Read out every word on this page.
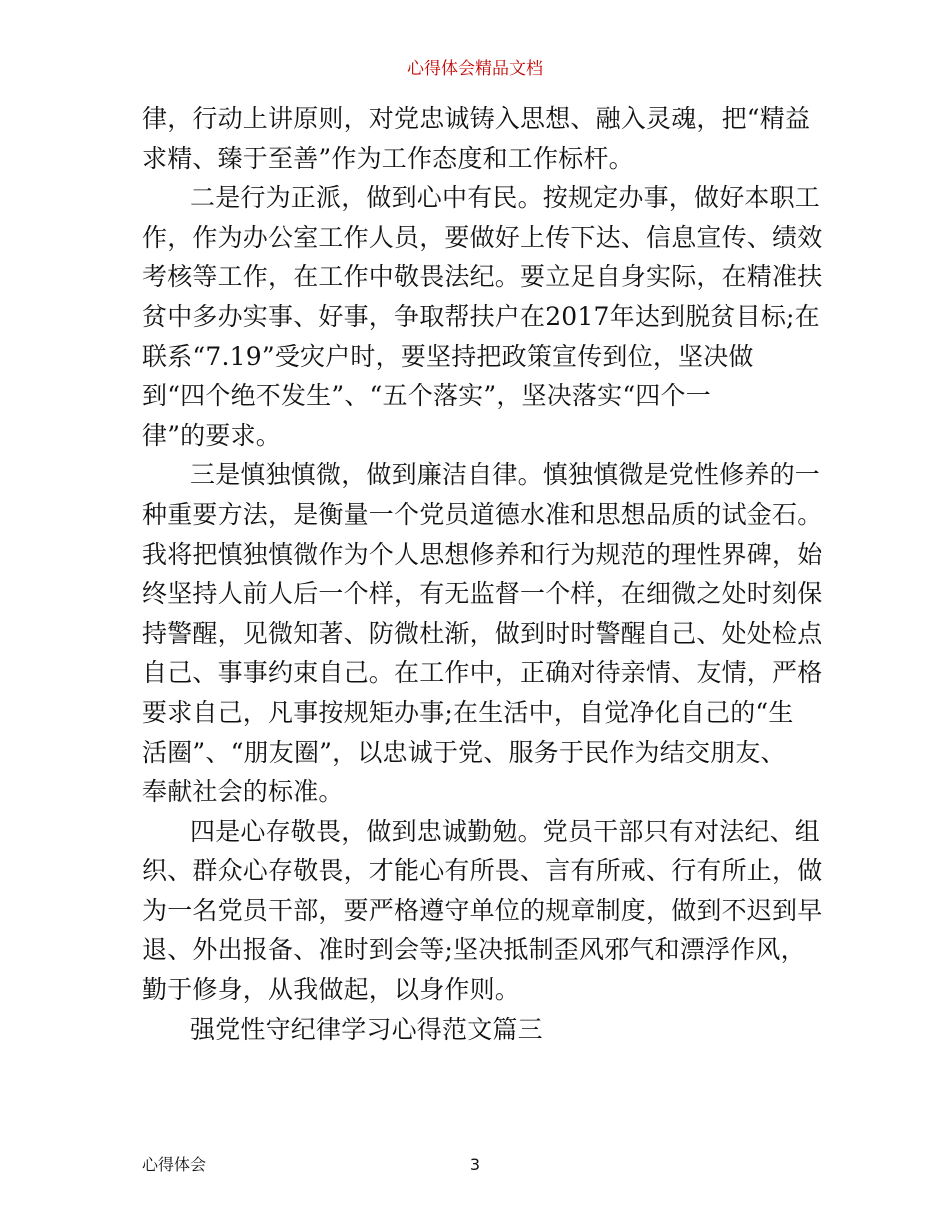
心得体会精品文档
律，行动上讲原则，对党忠诚铸入思想、融入灵魂，把“精益
求精、臻于至善”作为工作态度和工作标杆。
二是行为正派，做到心中有民。按规定办事，做好本职工
作，作为办公室工作人员，要做好上传下达、信息宣传、绩效
考核等工作，在工作中敬畏法纪。要立足自身实际，在精准扶
贫中多办实事、好事，争取帮扶户在2017年达到脱贫目标;在
联系“7.19”受灾户时，要坚持把政策宣传到位，坚决做
到“四个绝不发生”、“五个落实”，坚决落实“四个一
律”的要求。
三是慎独慎微，做到廉洁自律。慎独慎微是党性修养的一
种重要方法，是衡量一个党员道德水准和思想品质的试金石。
我将把慎独慎微作为个人思想修养和行为规范的理性界碑，始
终坚持人前人后一个样，有无监督一个样，在细微之处时刻保
持警醒，见微知著、防微杜渐，做到时时警醒自己、处处检点
自己、事事约束自己。在工作中，正确对待亲情、友情，严格
要求自己，凡事按规矩办事;在生活中，自觉净化自己的“生
活圈”、“朋友圈”，以忠诚于党、服务于民作为结交朋友、
奉献社会的标准。
四是心存敬畏，做到忠诚勤勉。党员干部只有对法纪、组
织、群众心存敬畏，才能心有所畏、言有所戒、行有所止，做
为一名党员干部，要严格遵守单位的规章制度，做到不迟到早
退、外出报备、准时到会等;坚决抵制歪风邪气和漂浮作风，
勤于修身，从我做起，以身作则。
强党性守纪律学习心得范文篇三
心得体会	3
